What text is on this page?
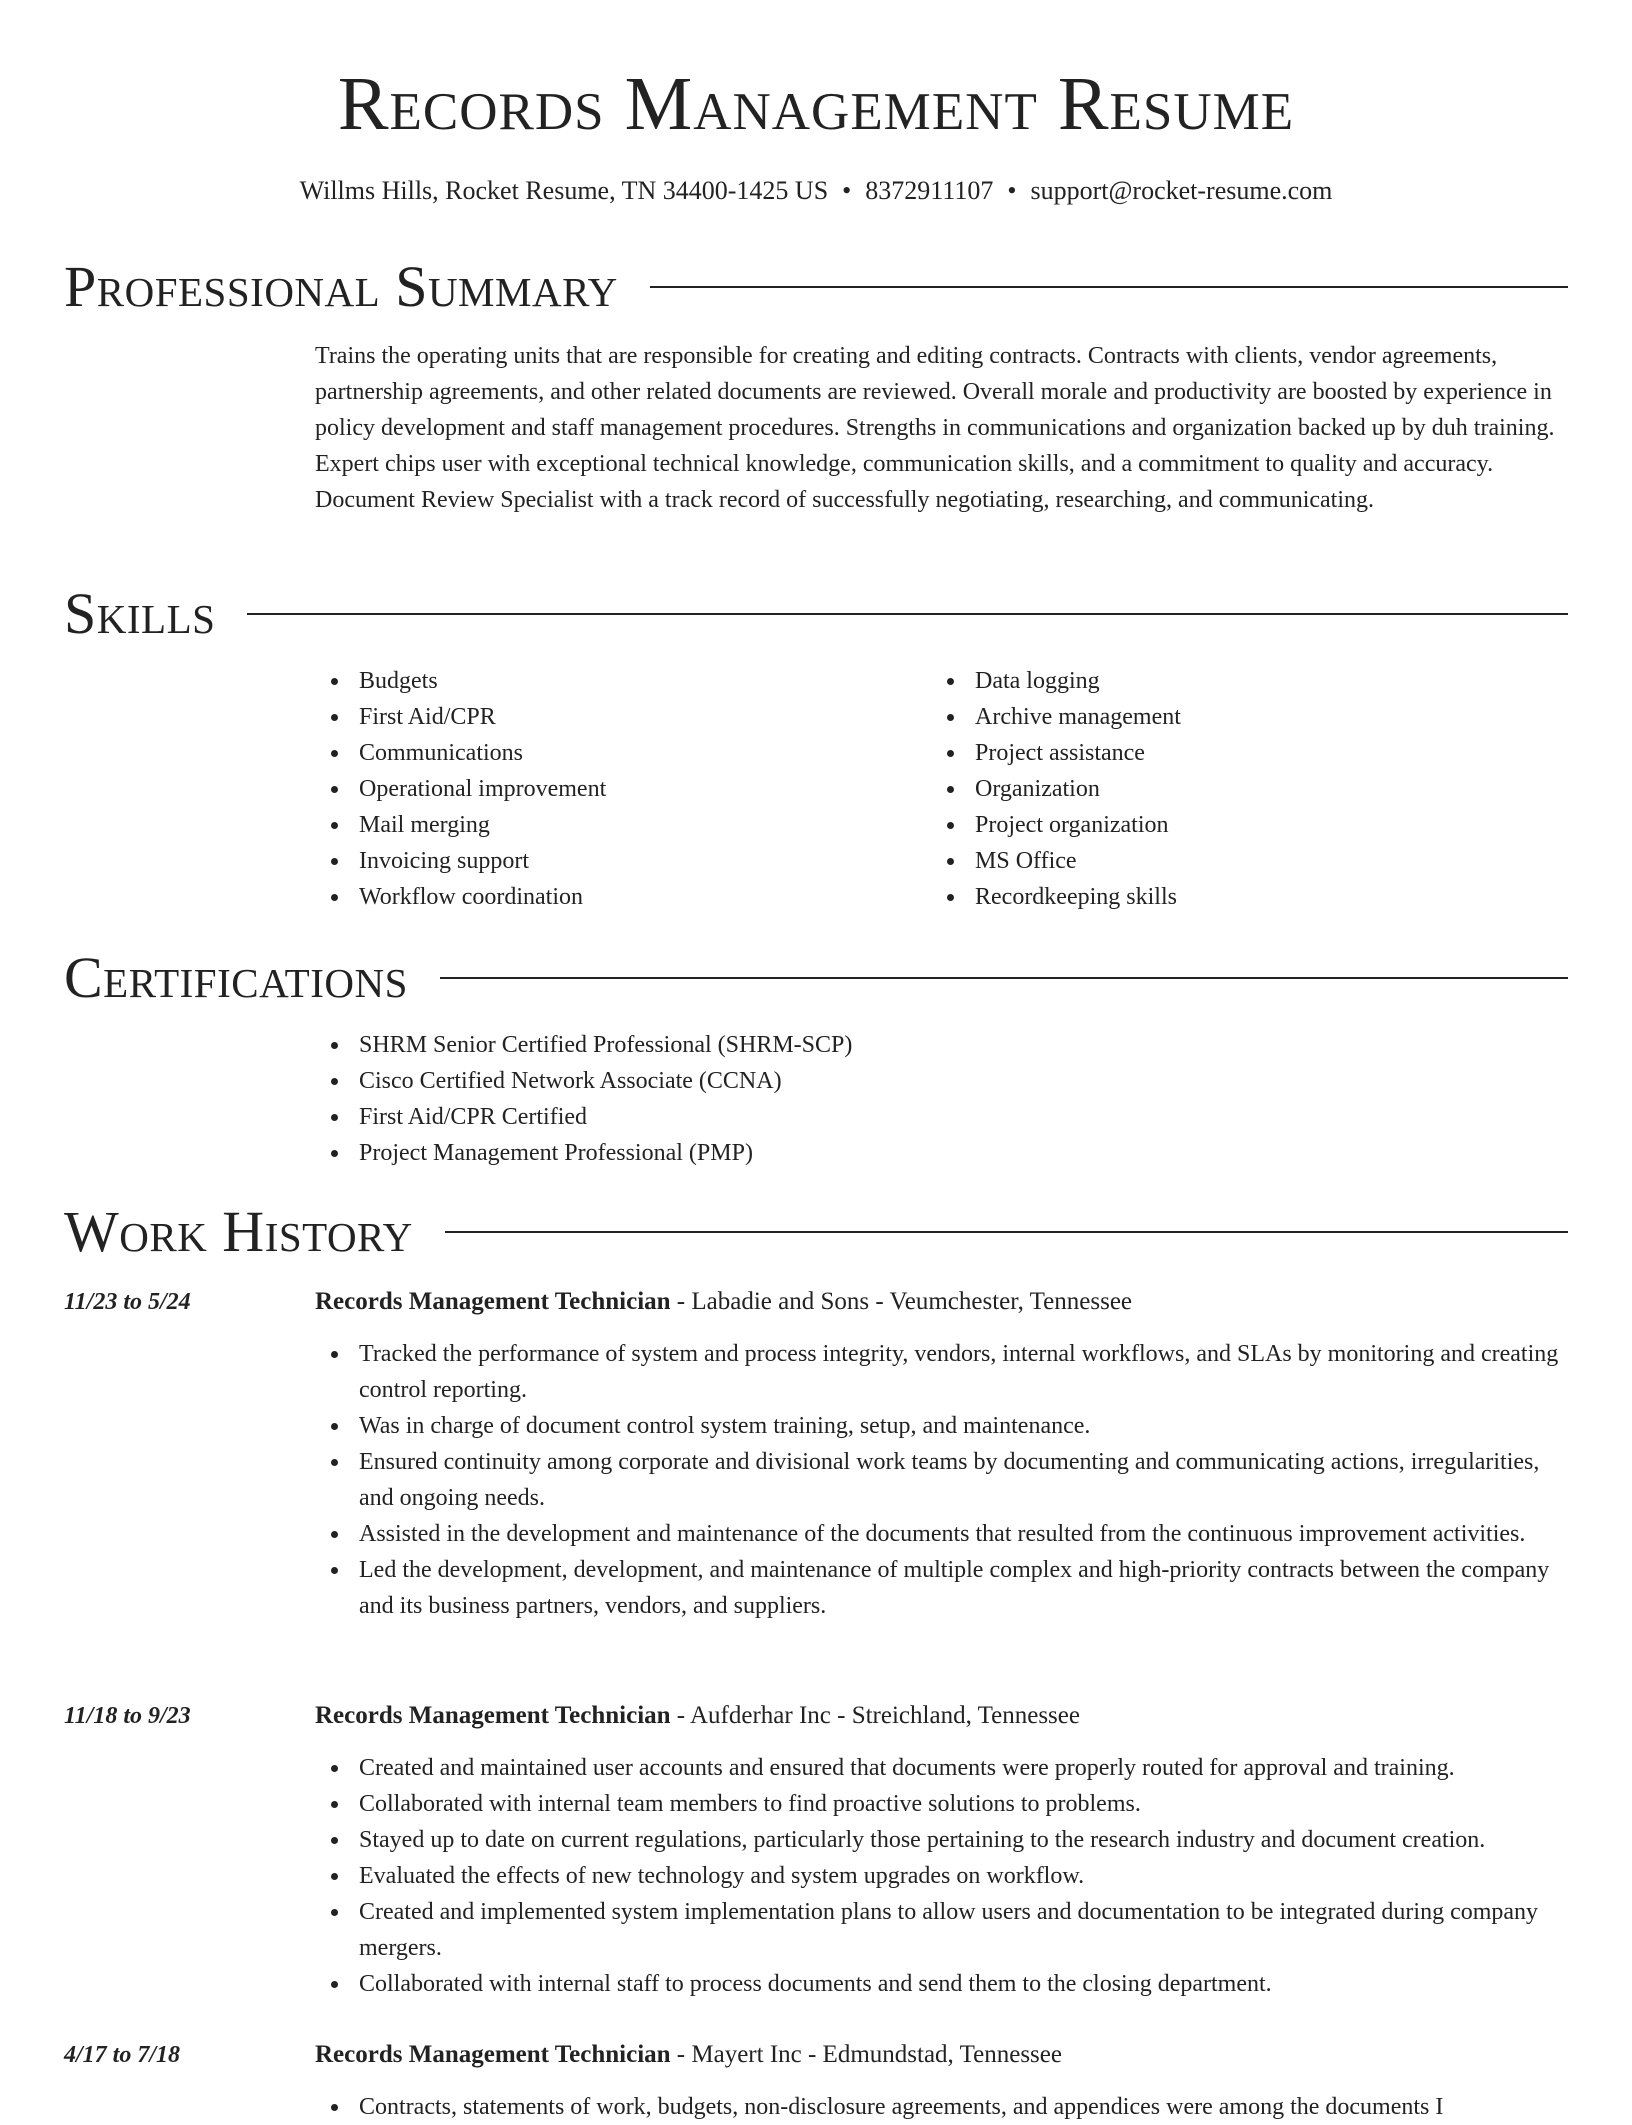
Records Management Resume
Willms Hills, Rocket Resume, TN 34400-1425 US • 8372911107 • support@rocket-resume.com
Professional Summary

Trains the operating units that are responsible for creating and editing contracts. Contracts with clients, vendor agreements, partnership agreements, and other related documents are reviewed. Overall morale and productivity are boosted by experience in policy development and staff management procedures. Strengths in communications and organization backed up by duh training. Expert chips user with exceptional technical knowledge, communication skills, and a commitment to quality and accuracy. Document Review Specialist with a track record of successfully negotiating, researching, and communicating.

Skills
Budgets
First Aid/CPR
Communications
Operational improvement
Mail merging
Invoicing support
Workflow coordination
Data logging
Archive management
Project assistance
Organization
Project organization
MS Office
Recordkeeping skills
Certifications
SHRM Senior Certified Professional (SHRM-SCP)
Cisco Certified Network Associate (CCNA)
First Aid/CPR Certified
Project Management Professional (PMP)
Work History
11/23 to 5/24	Records Management Technician - Labadie and Sons - Veumchester, Tennessee
Tracked the performance of system and process integrity, vendors, internal workflows, and SLAs by monitoring and creating control reporting.
Was in charge of document control system training, setup, and maintenance.
Ensured continuity among corporate and divisional work teams by documenting and communicating actions, irregularities, and ongoing needs.
Assisted in the development and maintenance of the documents that resulted from the continuous improvement activities.
Led the development, development, and maintenance of multiple complex and high-priority contracts between the company and its business partners, vendors, and suppliers.
11/18 to 9/23	Records Management Technician - Aufderhar Inc - Streichland, Tennessee
Created and maintained user accounts and ensured that documents were properly routed for approval and training.
Collaborated with internal team members to find proactive solutions to problems.
Stayed up to date on current regulations, particularly those pertaining to the research industry and document creation.
Evaluated the effects of new technology and system upgrades on workflow.
Created and implemented system implementation plans to allow users and documentation to be integrated during company mergers.
Collaborated with internal staff to process documents and send them to the closing department.
4/17 to 7/18	Records Management Technician - Mayert Inc - Edmundstad, Tennessee
Contracts, statements of work, budgets, non-disclosure agreements, and appendices were among the documents I
